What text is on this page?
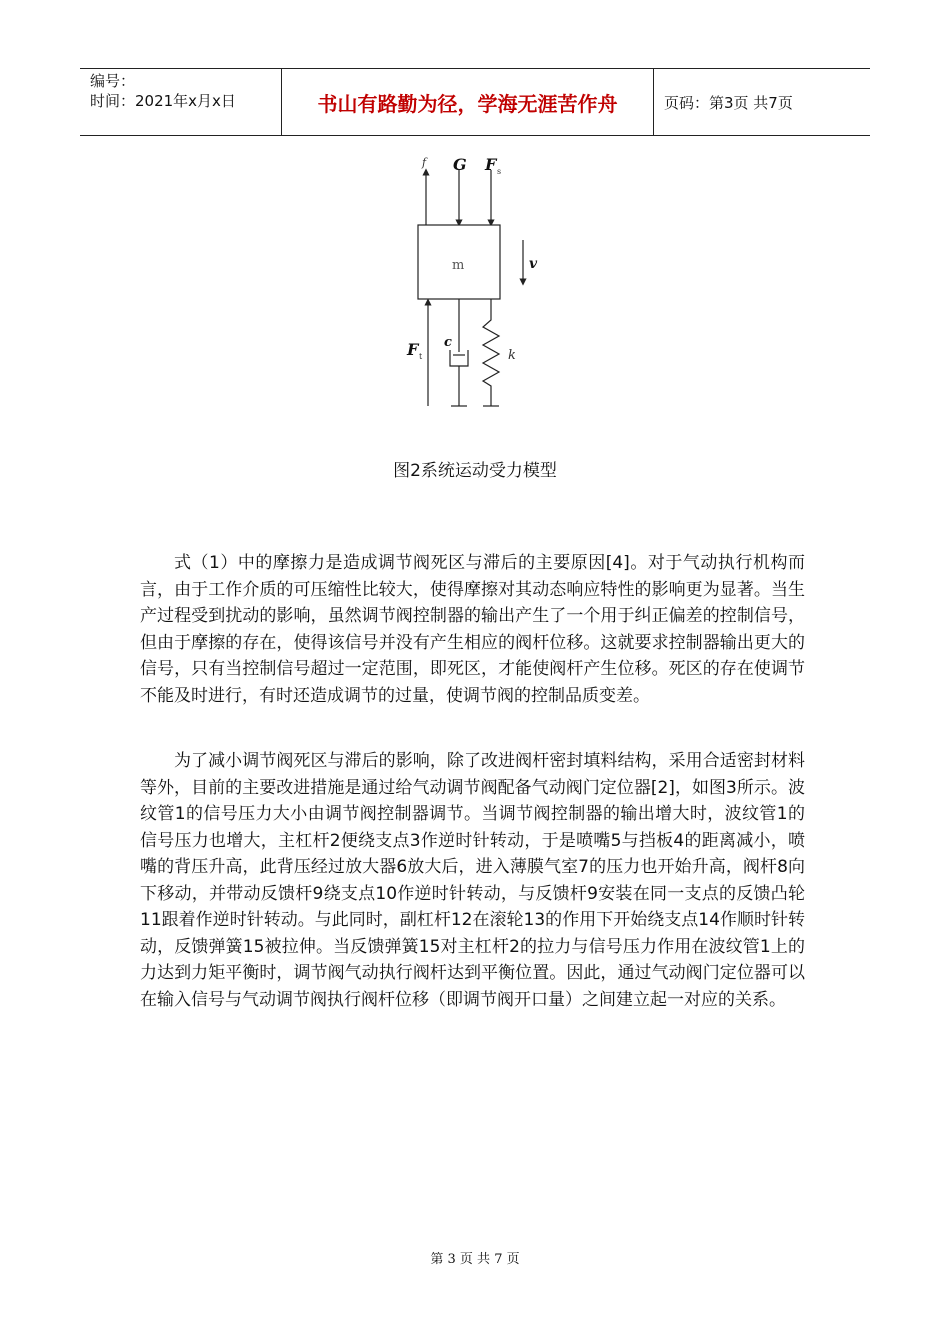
编号：
时间：2021年x月x日	书山有路勤为径，学海无涯苦作舟	页码：第3页 共7页
f G F s
m	v
F t
c
k
图2系统运动受力模型

式（1）中的摩擦力是造成调节阀死区与滞后的主要原因[4]。对于气动执行机构而言，由于工作介质的可压缩性比较大，使得摩擦对其动态响应特性的影响更为显著。当生产过程受到扰动的影响，虽然调节阀控制器的输出产生了一个用于纠正偏差的控制信号，但由于摩擦的存在，使得该信号并没有产生相应的阀杆位移。这就要求控制器输出更大的信号，只有当控制信号超过一定范围，即死区，才能使阀杆产生位移。死区的存在使调节不能及时进行，有时还造成调节的过量，使调节阀的控制品质变差。

为了减小调节阀死区与滞后的影响，除了改进阀杆密封填料结构，采用合适密封材料等外，目前的主要改进措施是通过给气动调节阀配备气动阀门定位器[2]，如图3所示。波纹管1的信号压力大小由调节阀控制器调节。当调节阀控制器的输出增大时，波纹管1的信号压力也增大，主杠杆2便绕支点3作逆时针转动，于是喷嘴5与挡板4的距离减小，喷嘴的背压升高，此背压经过放大器6放大后，进入薄膜气室7的压力也开始升高，阀杆8向下移动，并带动反馈杆9绕支点10作逆时针转动，与反馈杆9安装在同一支点的反馈凸轮11跟着作逆时针转动。与此同时，副杠杆12在滚轮13的作用下开始绕支点14作顺时针转动，反馈弹簧15被拉伸。当反馈弹簧15对主杠杆2的拉力与信号压力作用在波纹管1上的力达到力矩平衡时，调节阀气动执行阀杆达到平衡位置。因此，通过气动阀门定位器可以在输入信号与气动调节阀执行阀杆位移（即调节阀开口量）之间建立起一对应的关系。

第 3 页 共 7 页
